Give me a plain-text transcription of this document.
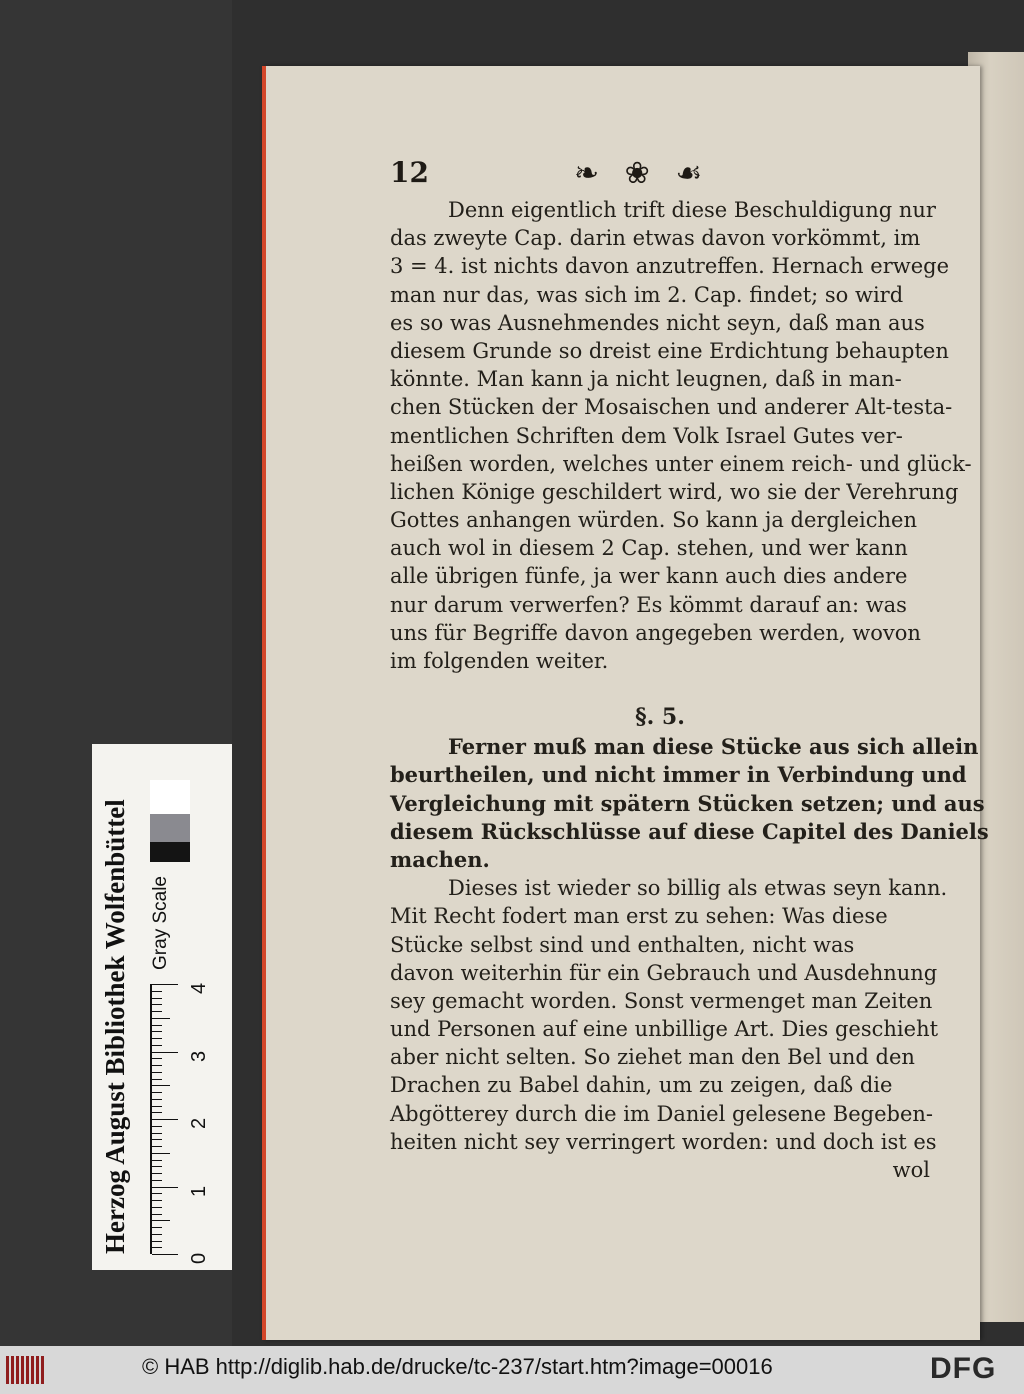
12	❧ ❀ ☙
Denn eigentlich trift diese Beschuldigung nur
das zweyte Cap. darin etwas davon vorkömmt, im
3 = 4. ist nichts davon anzutreffen. Hernach erwege
man nur das, was sich im 2. Cap. findet; so wird
es so was Ausnehmendes nicht seyn, daß man aus
diesem Grunde so dreist eine Erdichtung behaupten
könnte. Man kann ja nicht leugnen, daß in man-
chen Stücken der Mosaischen und anderer Alt-testa-
mentlichen Schriften dem Volk Israel Gutes ver-
heißen worden, welches unter einem reich- und glück-
lichen Könige geschildert wird, wo sie der Verehrung
Gottes anhangen würden. So kann ja dergleichen
auch wol in diesem 2 Cap. stehen, und wer kann
alle übrigen fünfe, ja wer kann auch dies andere
nur darum verwerfen? Es kömmt darauf an: was
uns für Begriffe davon angegeben werden, wovon
im folgenden weiter.
§. 5.
Ferner muß man diese Stücke aus sich allein
beurtheilen, und nicht immer in Verbindung und
Vergleichung mit spätern Stücken setzen; und aus
diesem Rückschlüsse auf diese Capitel des Daniels
machen.
Dieses ist wieder so billig als etwas seyn kann.
Mit Recht fodert man erst zu sehen: Was diese
Stücke selbst sind und enthalten, nicht was
davon weiterhin für ein Gebrauch und Ausdehnung
sey gemacht worden. Sonst vermenget man Zeiten
und Personen auf eine unbillige Art. Dies geschieht
aber nicht selten. So ziehet man den Bel und den
Drachen zu Babel dahin, um zu zeigen, daß die
Abgötterey durch die im Daniel gelesene Begeben-
heiten nicht sey verringert worden: und doch ist es
wol
Herzog August Bibliothek Wolfenbüttel	Gray Scale
0
1
2
3
4
© HAB http://diglib.hab.de/drucke/tc-237/start.htm?image=00016	DFG
